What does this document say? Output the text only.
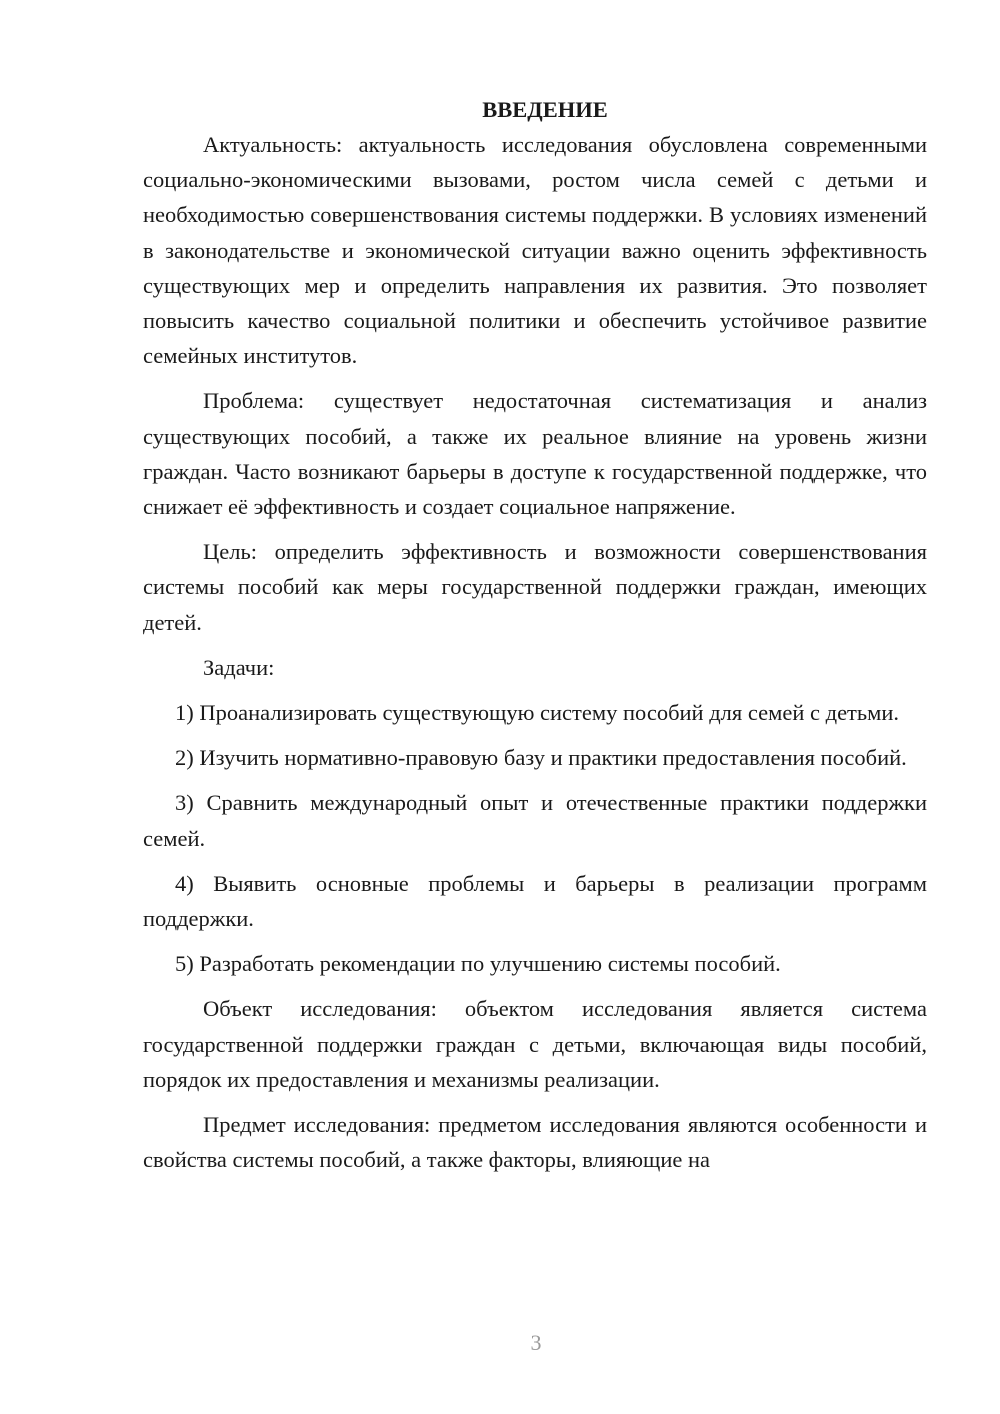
ВВЕДЕНИЕ

Актуальность: актуальность исследования обусловлена современными социально-экономическими вызовами, ростом числа семей с детьми и необходимостью совершенствования системы поддержки. В условиях изменений в законодательстве и экономической ситуации важно оценить эффективность существующих мер и определить направления их развития. Это позволяет повысить качество социальной политики и обеспечить устойчивое развитие семейных институтов.

Проблема: существует недостаточная систематизация и анализ существующих пособий, а также их реальное влияние на уровень жизни граждан. Часто возникают барьеры в доступе к государственной поддержке, что снижает её эффективность и создает социальное напряжение.

Цель: определить эффективность и возможности совершенствования системы пособий как меры государственной поддержки граждан, имеющих детей.

Задачи:

1) Проанализировать существующую систему пособий для семей с детьми.

2) Изучить нормативно-правовую базу и практики предоставления пособий.

3) Сравнить международный опыт и отечественные практики поддержки семей.

4) Выявить основные проблемы и барьеры в реализации программ поддержки.

5) Разработать рекомендации по улучшению системы пособий.

Объект исследования: объектом исследования является система государственной поддержки граждан с детьми, включающая виды пособий, порядок их предоставления и механизмы реализации.

Предмет исследования: предметом исследования являются особенности и свойства системы пособий, а также факторы, влияющие на

3
